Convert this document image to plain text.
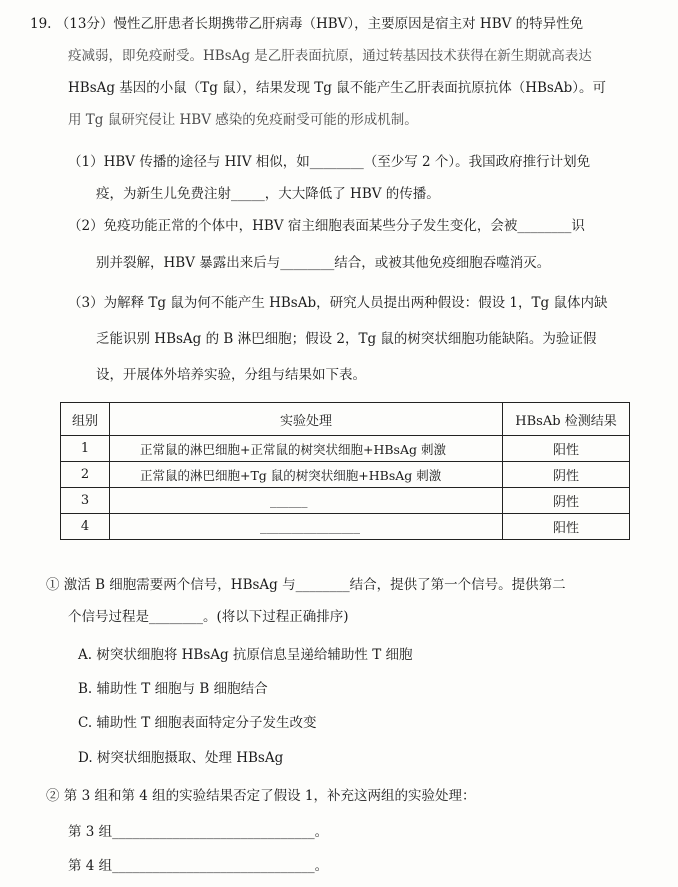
19. （13分）慢性乙肝患者长期携带乙肝病毒（HBV），主要原因是宿主对 HBV 的特异性免
疫减弱，即免疫耐受。HBsAg 是乙肝表面抗原，通过转基因技术获得在新生期就高表达
HBsAg 基因的小鼠（Tg 鼠），结果发现 Tg 鼠不能产生乙肝表面抗原抗体（HBsAb）。可
用 Tg 鼠研究侵让 HBV 感染的免疫耐受可能的形成机制。
（1）HBV 传播的途径与 HIV 相似，如________（至少写 2 个）。我国政府推行计划免
疫，为新生儿免费注射_____，大大降低了 HBV 的传播。
（2）免疫功能正常的个体中，HBV 宿主细胞表面某些分子发生变化，会被________识
别并裂解，HBV 暴露出来后与________结合，或被其他免疫细胞吞噬消灭。
（3）为解释 Tg 鼠为何不能产生 HBsAb，研究人员提出两种假设：假设 1，Tg 鼠体内缺
乏能识别 HBsAg 的 B 淋巴细胞；假设 2，Tg 鼠的树突状细胞功能缺陷。为验证假
设，开展体外培养实验，分组与结果如下表。
组别	实验处理	HBsAb 检测结果
1	正常鼠的淋巴细胞+正常鼠的树突状细胞+HBsAg 刺激	阳性
2	正常鼠的淋巴细胞+Tg 鼠的树突状细胞+HBsAg 刺激	阴性
3	______	阴性
4	________________	阳性
① 激活 B 细胞需要两个信号，HBsAg 与________结合，提供了第一个信号。提供第二
个信号过程是________。(将以下过程正确排序)
A. 树突状细胞将 HBsAg 抗原信息呈递给辅助性 T 细胞
B. 辅助性 T 细胞与 B 细胞结合
C. 辅助性 T 细胞表面特定分子发生改变
D. 树突状细胞摄取、处理 HBsAg
② 第 3 组和第 4 组的实验结果否定了假设 1，补充这两组的实验处理：
第 3 组______________________________。
第 4 组______________________________。
